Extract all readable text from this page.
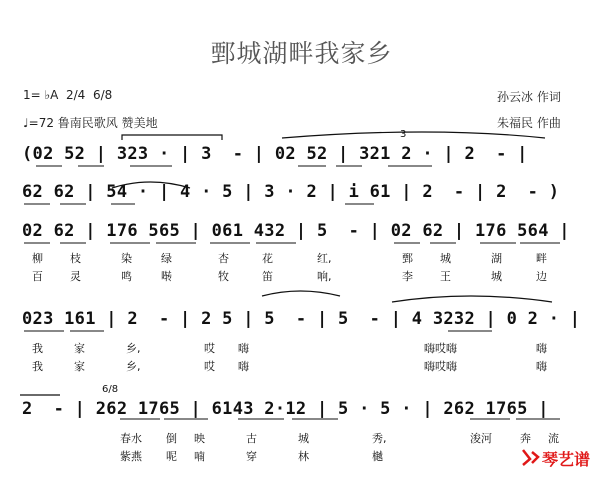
鄄城湖畔我家乡
1= ♭A  2/4  6/8	孙云冰 作词
♩=72 鲁南民歌风 赞美地	朱福民 作曲
3
6/8
(02 52 | 323 · | 3  - | 02 52 | 321 2 · | 2  - |
62 62 | 54 · | 4 · 5 | 3 · 2 | i 61 | 2  - | 2  - )
02 62 | 176 565 | 061 432 | 5  - | 02 62 | 176 564 |
柳 枝	染	绿	杏	花	红,	鄄 城	湖	畔
百 灵	鸣	啭	牧	笛	响,	李 王	城	边
023 161 | 2  - | 2 5 | 5  - | 5  - | 4 3232 | 0 2 · |
我	家	乡,	哎 嗨	嗨哎嗨	嗨
我	家	乡,	哎 嗨	嗨哎嗨	嗨
2  - | 262 1765 | 6143 2·12 | 5 · 5 · | 262 1765 |
春水 倒 映	古	城	秀,	浚河	奔 流
紫燕 呢 喃	穿	林	樾

	琴艺谱
